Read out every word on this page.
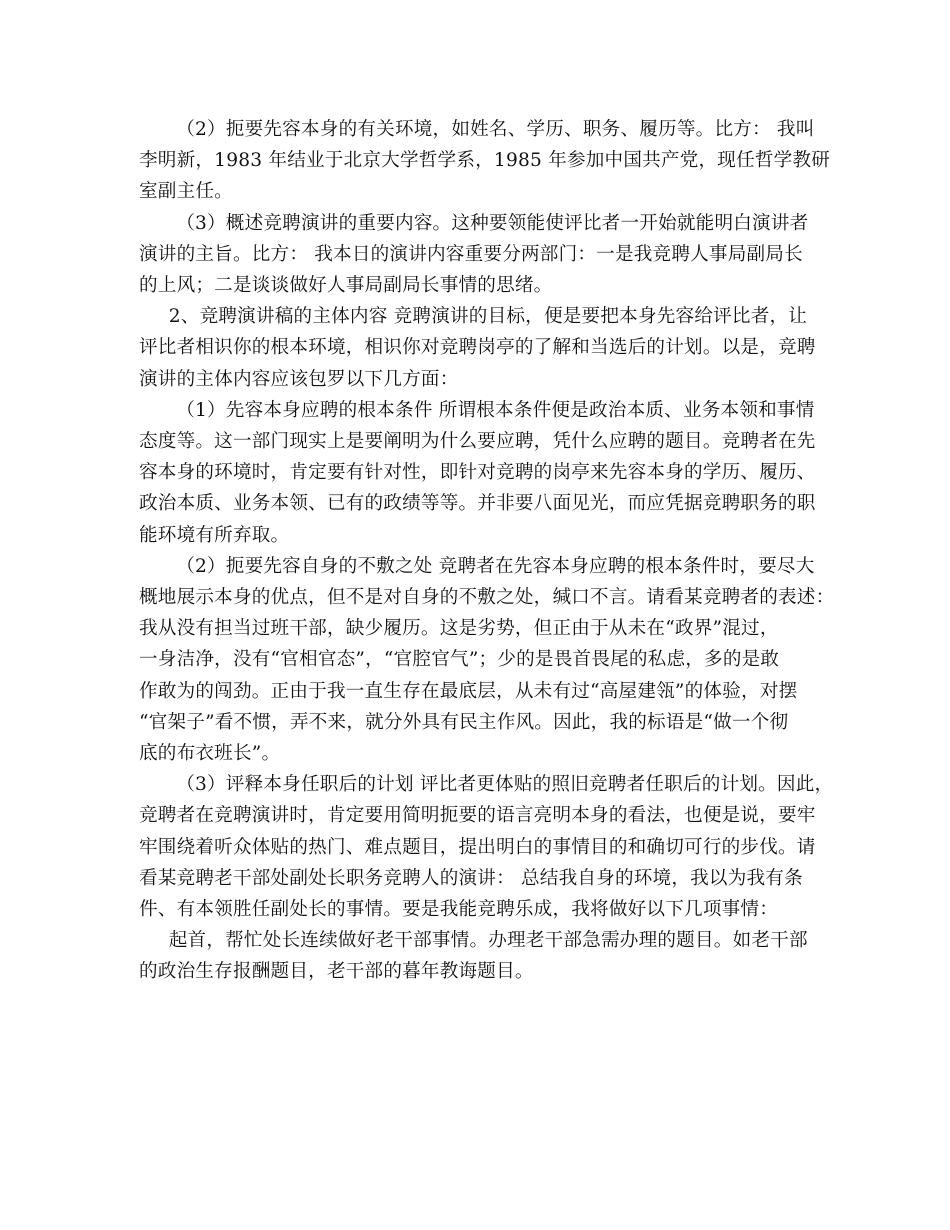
（2）扼要先容本身的有关环境，如姓名、学历、职务、履历等。比方： 我叫
李明新，1983 年结业于北京大学哲学系，1985 年参加中国共产党，现任哲学教研
室副主任。
（3）概述竞聘演讲的重要内容。这种要领能使评比者一开始就能明白演讲者
演讲的主旨。比方： 我本日的演讲内容重要分两部门：一是我竞聘人事局副局长
的上风；二是谈谈做好人事局副局长事情的思绪。
2、竞聘演讲稿的主体内容 竞聘演讲的目标，便是要把本身先容给评比者，让
评比者相识你的根本环境，相识你对竞聘岗亭的了解和当选后的计划。以是，竞聘
演讲的主体内容应该包罗以下几方面：
（1）先容本身应聘的根本条件 所谓根本条件便是政治本质、业务本领和事情
态度等。这一部门现实上是要阐明为什么要应聘，凭什么应聘的题目。竞聘者在先
容本身的环境时，肯定要有针对性，即针对竞聘的岗亭来先容本身的学历、履历、
政治本质、业务本领、已有的政绩等等。并非要八面见光，而应凭据竞聘职务的职
能环境有所弃取。
（2）扼要先容自身的不敷之处 竞聘者在先容本身应聘的根本条件时，要尽大
概地展示本身的优点，但不是对自身的不敷之处，缄口不言。请看某竞聘者的表述：
我从没有担当过班干部，缺少履历。这是劣势，但正由于从未在“政界”混过，
一身洁净，没有“官相官态”，“官腔官气”；少的是畏首畏尾的私虑，多的是敢
作敢为的闯劲。正由于我一直生存在最底层，从未有过“高屋建瓴”的体验，对摆
“官架子”看不惯，弄不来，就分外具有民主作风。因此，我的标语是“做一个彻
底的布衣班长”。
（3）评释本身任职后的计划 评比者更体贴的照旧竞聘者任职后的计划。因此，
竞聘者在竞聘演讲时，肯定要用简明扼要的语言亮明本身的看法，也便是说，要牢
牢围绕着听众体贴的热门、难点题目，提出明白的事情目的和确切可行的步伐。请
看某竞聘老干部处副处长职务竞聘人的演讲： 总结我自身的环境，我以为我有条
件、有本领胜任副处长的事情。要是我能竞聘乐成，我将做好以下几项事情：
起首，帮忙处长连续做好老干部事情。办理老干部急需办理的题目。如老干部
的政治生存报酬题目，老干部的暮年教诲题目。
